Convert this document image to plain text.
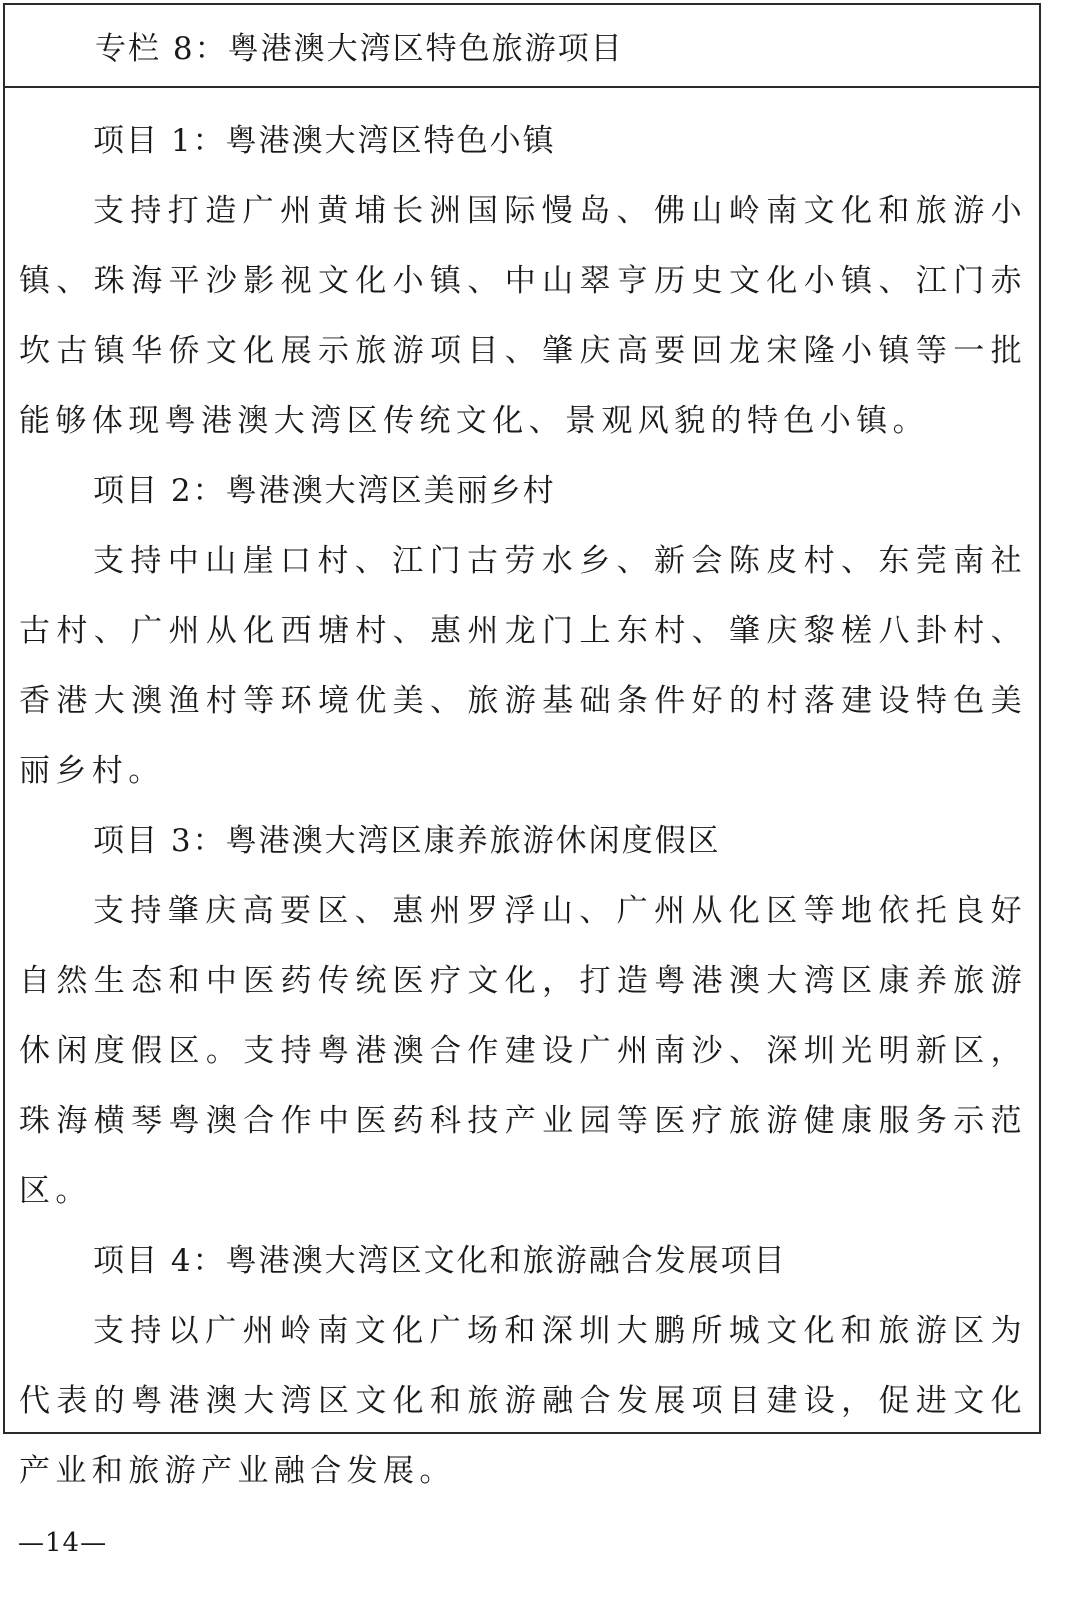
专栏 8：粤港澳大湾区特色旅游项目
项目 1：粤港澳大湾区特色小镇

支持打造广州黄埔长洲国际慢岛、佛山岭南文化和旅游小镇、珠海平沙影视文化小镇、中山翠亨历史文化小镇、江门赤坎古镇华侨文化展示旅游项目、肇庆高要回龙宋隆小镇等一批能够体现粤港澳大湾区传统文化、景观风貌的特色小镇。

项目 2：粤港澳大湾区美丽乡村

支持中山崖口村、江门古劳水乡、新会陈皮村、东莞南社古村、广州从化西塘村、惠州龙门上东村、肇庆黎槎八卦村、香港大澳渔村等环境优美、旅游基础条件好的村落建设特色美丽乡村。

项目 3：粤港澳大湾区康养旅游休闲度假区

支持肇庆高要区、惠州罗浮山、广州从化区等地依托良好自然生态和中医药传统医疗文化，打造粤港澳大湾区康养旅游休闲度假区。支持粤港澳合作建设广州南沙、深圳光明新区，珠海横琴粤澳合作中医药科技产业园等医疗旅游健康服务示范区。

项目 4：粤港澳大湾区文化和旅游融合发展项目

支持以广州岭南文化广场和深圳大鹏所城文化和旅游区为代表的粤港澳大湾区文化和旅游融合发展项目建设，促进文化产业和旅游产业融合发展。

—14—
